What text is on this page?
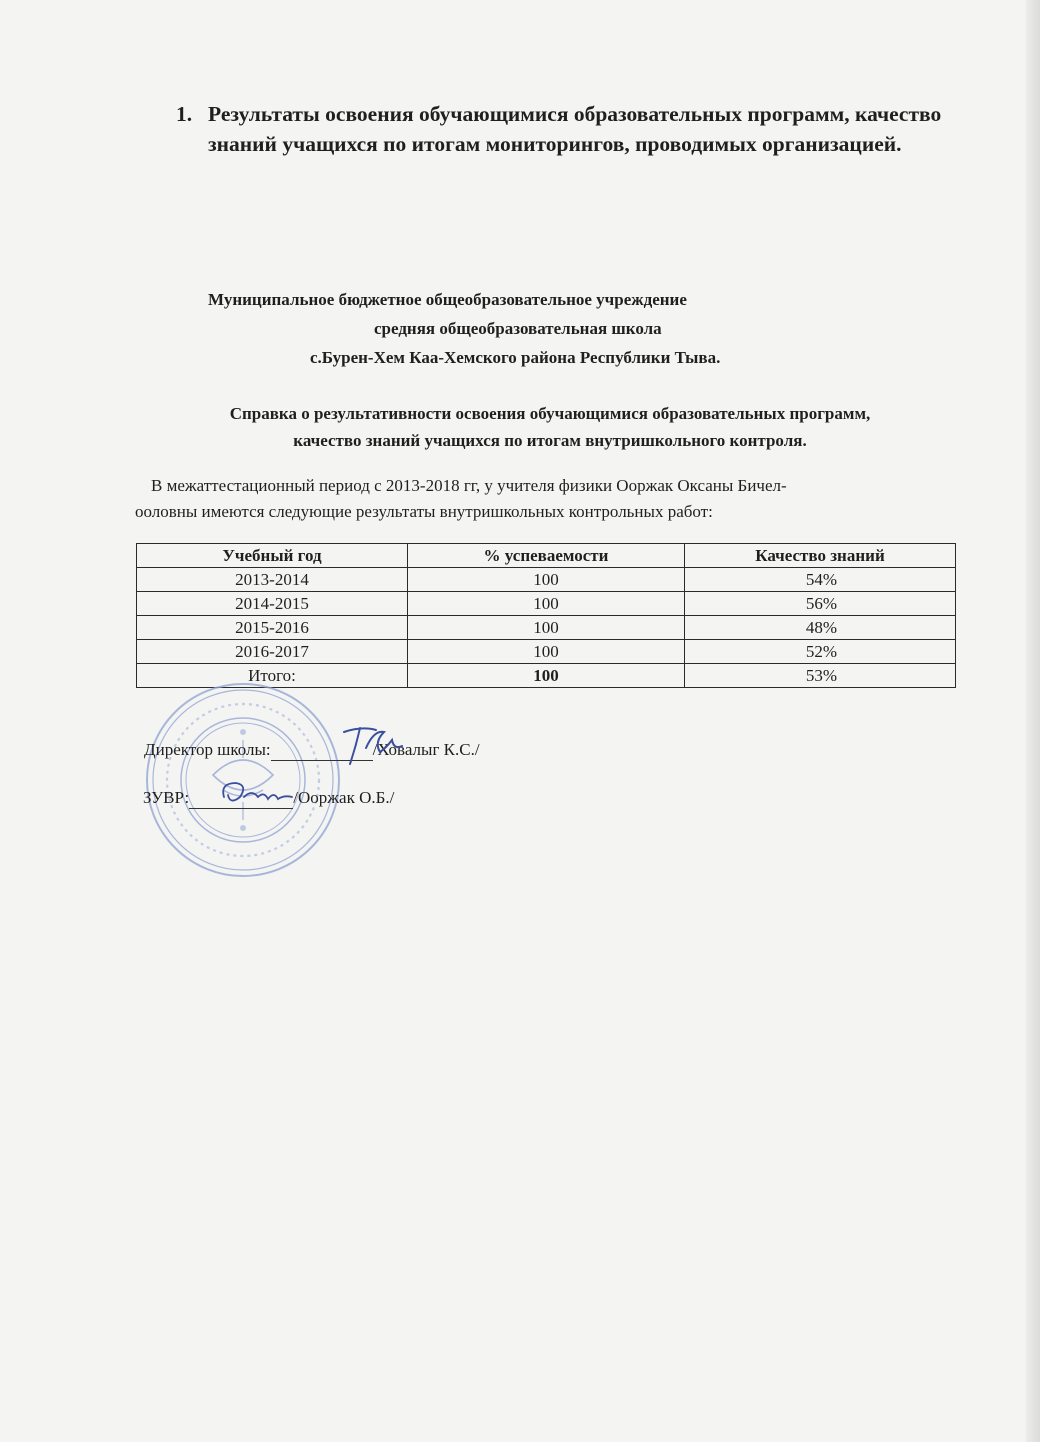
1. Результаты освоения обучающимися образовательных программ, качество знаний учащихся по итогам мониторингов, проводимых организацией.
Муниципальное бюджетное общеобразовательное учреждение
средняя общеобразовательная школа
с.Бурен-Хем Каа-Хемского района Республики Тыва.
Справка о результативности освоения обучающимися образовательных программ,
качество знаний учащихся по итогам внутришкольного контроля.
В межаттестационный период с 2013-2018 гг, у учителя физики Ооржак Оксаны Бичел-
ооловны имеются следующие результаты внутришкольных контрольных работ:
Учебный год	% успеваемости	Качество знаний
2013-2014	100	54%
2014-2015	100	56%
2015-2016	100	48%
2016-2017	100	52%
Итого:	100	53%
Директор школы:	/Ховалыг К.С./
ЗУВР:	/Ооржак О.Б./
